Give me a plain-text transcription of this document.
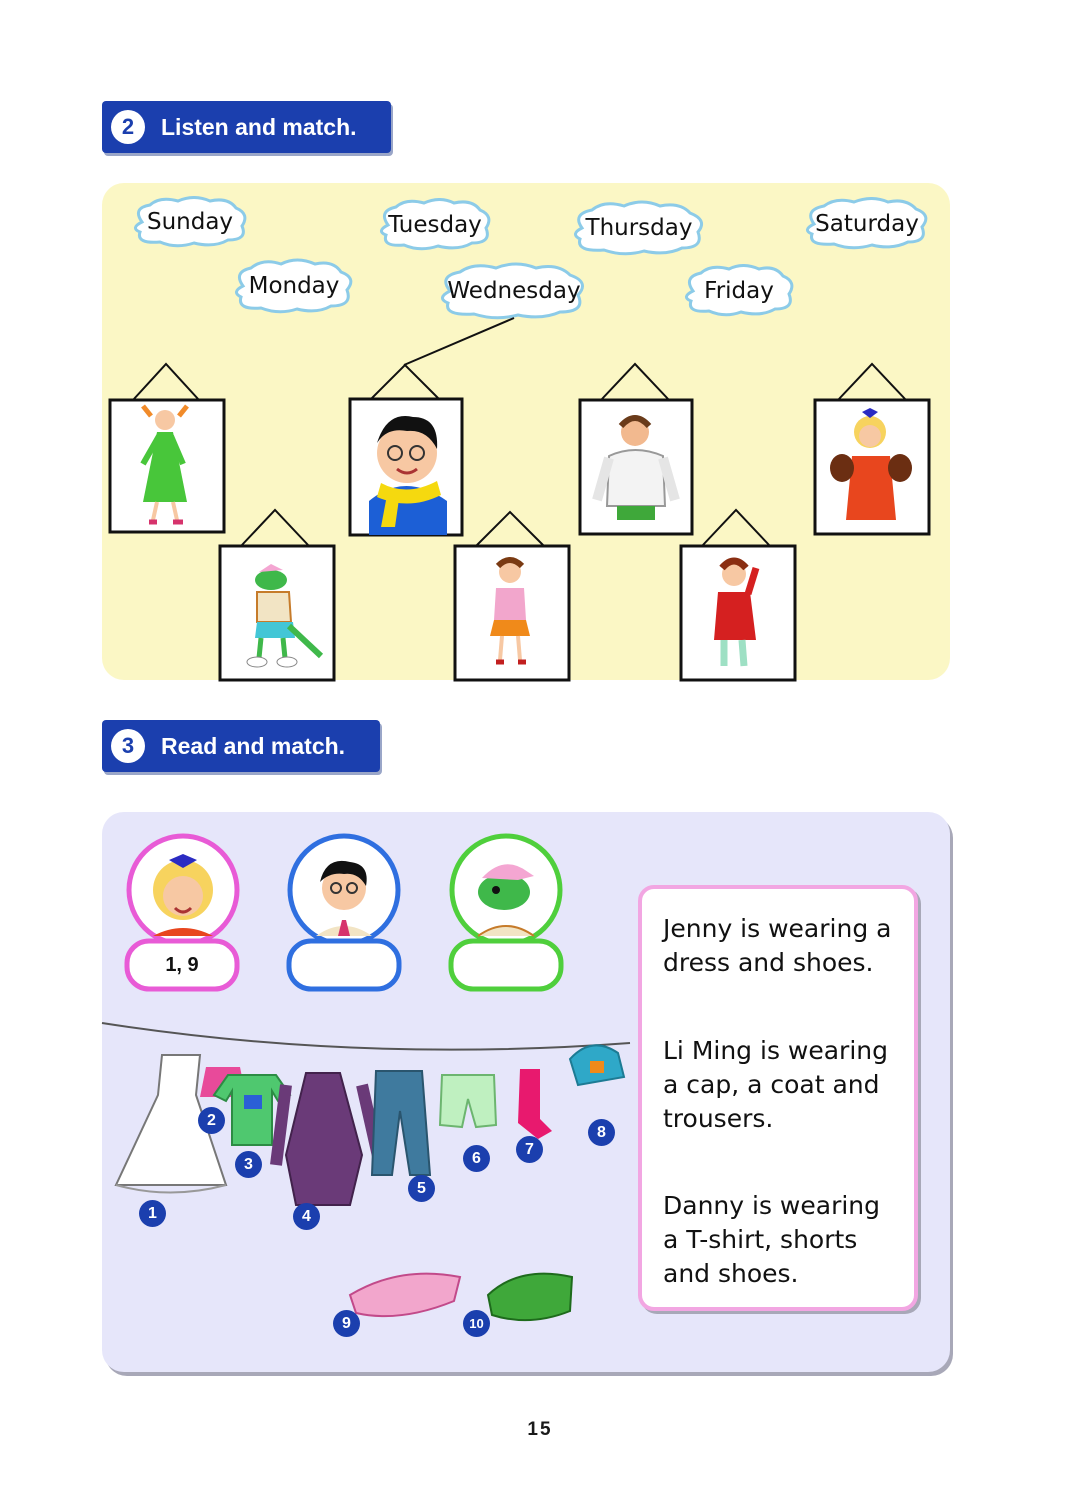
2	Listen and match.
Sunday
Monday
Tuesday
Wednesday
Thursday
Friday
Saturday
3	Read and match.
1, 9
1
2
3
4
5
6
7
8
9	10
Jenny is wearing a dress and shoes.
Li Ming is wearing a cap, a coat and trousers.
Danny is wearing a T-shirt, shorts and shoes.
15
